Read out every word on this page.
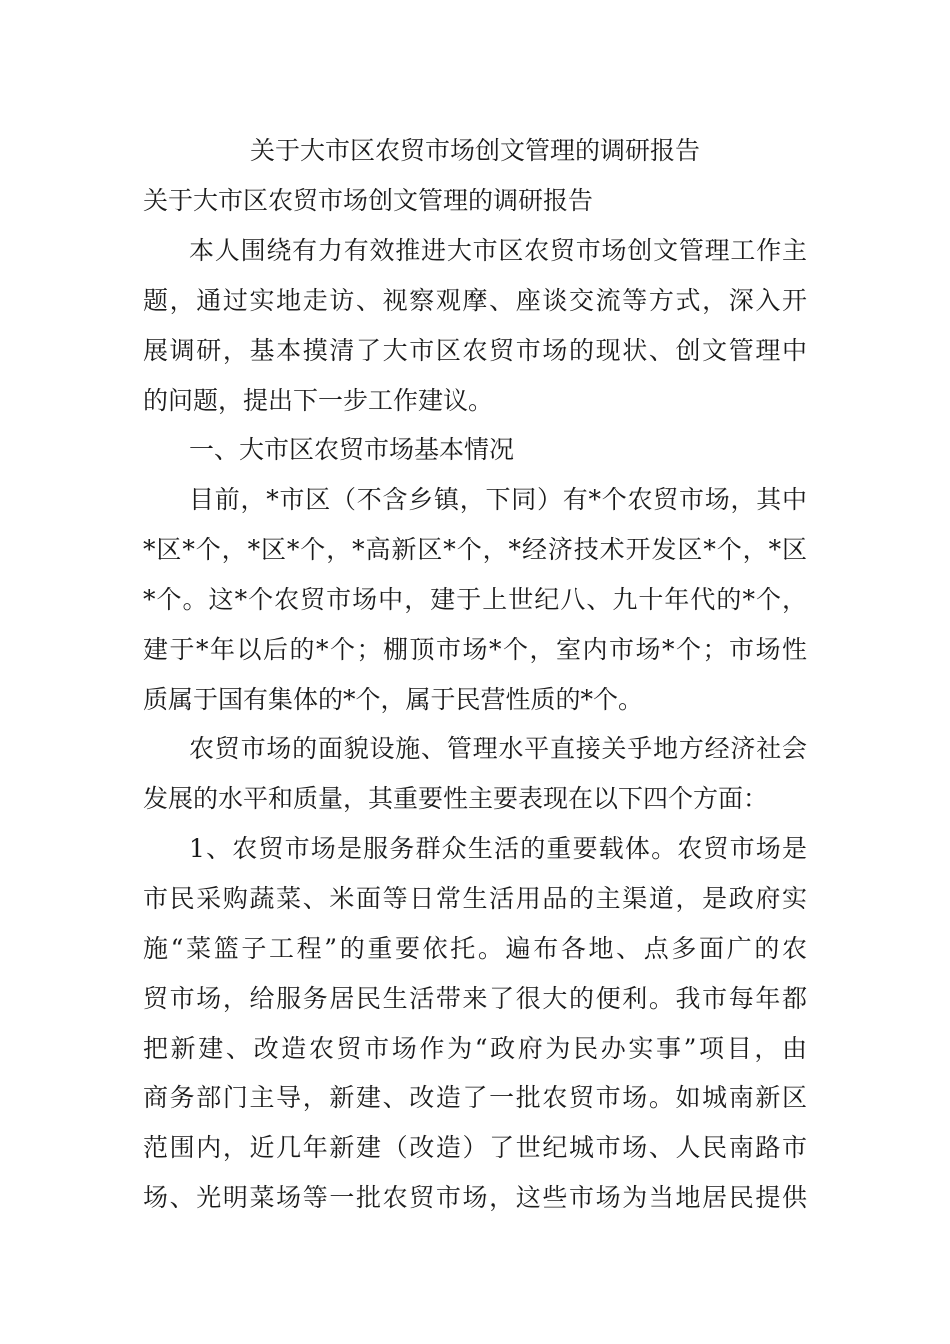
关于大市区农贸市场创文管理的调研报告
关于大市区农贸市场创文管理的调研报告
本人围绕有力有效推进大市区农贸市场创文管理工作主
题，通过实地走访、视察观摩、座谈交流等方式，深入开
展调研，基本摸清了大市区农贸市场的现状、创文管理中
的问题，提出下一步工作建议。
一、大市区农贸市场基本情况
目前，*市区（不含乡镇，下同）有*个农贸市场，其中
*区*个，*区*个，*高新区*个，*经济技术开发区*个，*区
*个。这*个农贸市场中，建于上世纪八、九十年代的*个，
建于*年以后的*个；棚顶市场*个，室内市场*个；市场性
质属于国有集体的*个，属于民营性质的*个。
农贸市场的面貌设施、管理水平直接关乎地方经济社会
发展的水平和质量，其重要性主要表现在以下四个方面：
1、农贸市场是服务群众生活的重要载体。农贸市场是
市民采购蔬菜、米面等日常生活用品的主渠道，是政府实
施“菜篮子工程”的重要依托。遍布各地、点多面广的农
贸市场，给服务居民生活带来了很大的便利。我市每年都
把新建、改造农贸市场作为“政府为民办实事”项目，由
商务部门主导，新建、改造了一批农贸市场。如城南新区
范围内，近几年新建（改造）了世纪城市场、人民南路市
场、光明菜场等一批农贸市场，这些市场为当地居民提供
